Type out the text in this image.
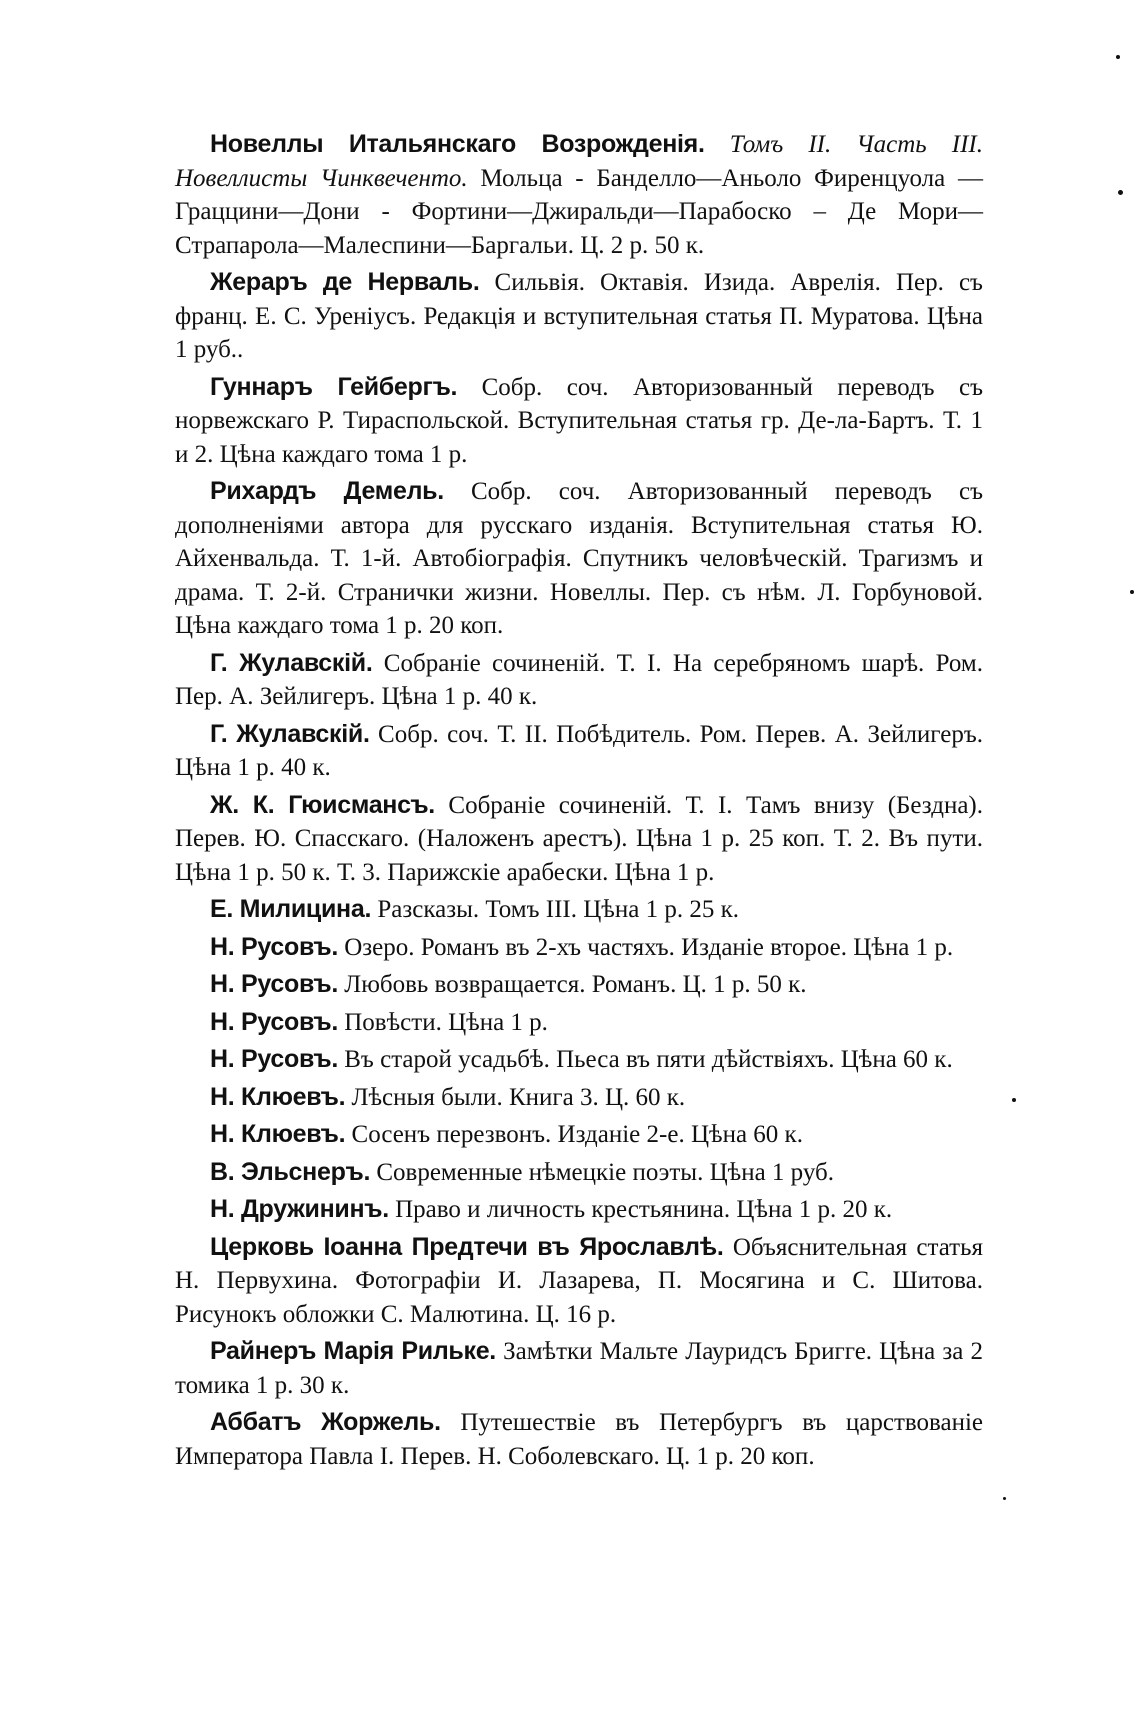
Новеллы Итальянскаго Возрожденія. Томъ II. Часть III. Новеллисты Чинквеченто. Мольца - Банделло—Аньоло Фиренцуола —Граццини—Дони - Фортини—Джиральди—Парабоско – Де Мори—Страпарола—Малеспини—Баргальи. Ц. 2 р. 50 к.

Жераръ де Нерваль. Сильвія. Октавія. Изида. Аврелія. Пер. съ франц. Е. С. Уреніусъ. Редакція и вступительная статья П. Муратова. Цѣна 1 руб..

Гуннаръ Гейбергъ. Собр. соч. Авторизованный переводъ съ норвежскаго Р. Тираспольской. Вступительная статья гр. Де-ла-Бартъ. Т. 1 и 2. Цѣна каждаго тома 1 р.

Рихардъ Демель. Собр. соч. Авторизованный переводъ съ дополненіями автора для русскаго изданія. Вступительная статья Ю. Айхенвальда. Т. 1-й. Автобіографія. Спутникъ человѣческій. Трагизмъ и драма. Т. 2-й. Странички жизни. Новеллы. Пер. съ нѣм. Л. Горбуновой. Цѣна каждаго тома 1 р. 20 коп.

Г. Жулавскій. Собраніе сочиненій. Т. I. На серебряномъ шарѣ. Ром. Пер. А. Зейлигеръ. Цѣна 1 р. 40 к.

Г. Жулавскій. Собр. соч. Т. II. Побѣдитель. Ром. Перев. А. Зейлигеръ. Цѣна 1 р. 40 к.

Ж. К. Гюисмансъ. Собраніе сочиненій. Т. I. Тамъ внизу (Бездна). Перев. Ю. Спасскаго. (Наложенъ арестъ). Цѣна 1 р. 25 коп. Т. 2. Въ пути. Цѣна 1 р. 50 к. Т. 3. Парижскіе арабески. Цѣна 1 р.

Е. Милицина. Разсказы. Томъ III. Цѣна 1 р. 25 к.

Н. Русовъ. Озеро. Романъ въ 2-хъ частяхъ. Изданіе второе. Цѣна 1 р.

Н. Русовъ. Любовь возвращается. Романъ. Ц. 1 р. 50 к.

Н. Русовъ. Повѣсти. Цѣна 1 р.

Н. Русовъ. Въ старой усадьбѣ. Пьеса въ пяти дѣйствіяхъ. Цѣна 60 к.

Н. Клюевъ. Лѣсныя были. Книга 3. Ц. 60 к.

Н. Клюевъ. Сосенъ перезвонъ. Изданіе 2-е. Цѣна 60 к.

В. Эльснеръ. Современные нѣмецкіе поэты. Цѣна 1 руб.

Н. Дружининъ. Право и личность крестьянина. Цѣна 1 р. 20 к.

Церковь Іоанна Предтечи въ Ярославлѣ. Объяснительная статья Н. Первухина. Фотографіи И. Лазарева, П. Мосягина и С. Шитова. Рисунокъ обложки С. Малютина. Ц. 16 р.

Райнеръ Марія Рильке. Замѣтки Мальте Лауридсъ Бригге. Цѣна за 2 томика 1 р. 30 к.

Аббатъ Жоржель. Путешествіе въ Петербургъ въ царствованіе Императора Павла I. Перев. Н. Соболевскаго. Ц. 1 р. 20 коп.
